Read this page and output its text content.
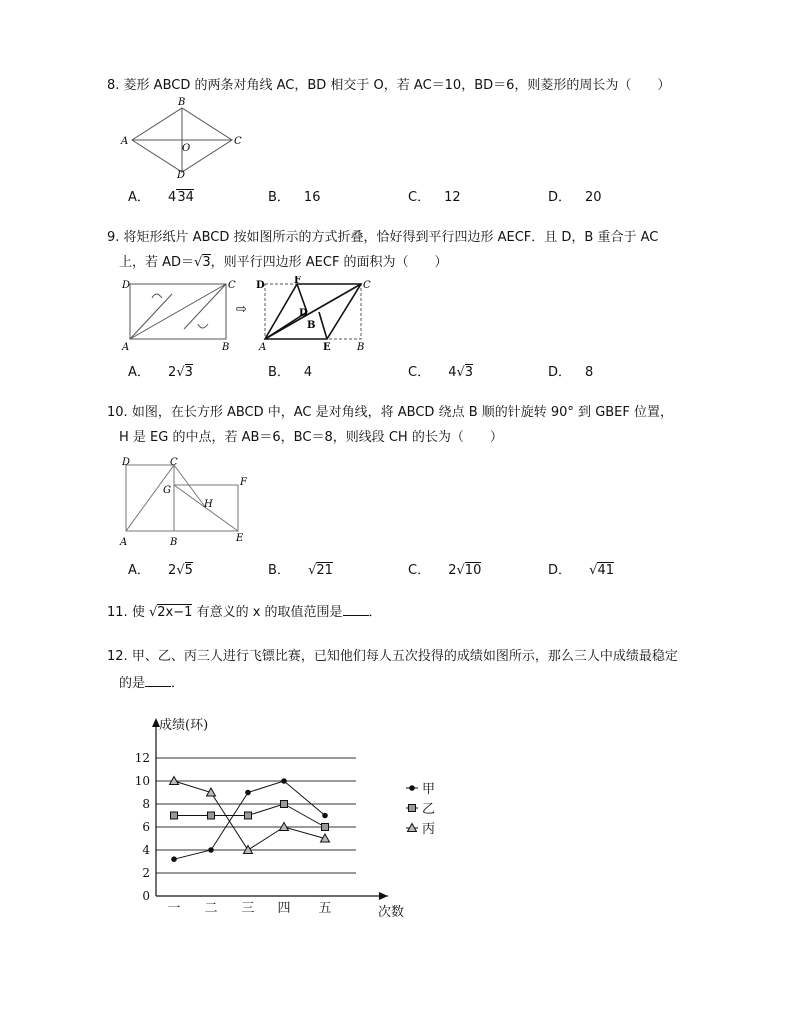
8. 菱形 ABCD 的两条对角线 AC，BD 相交于 O，若 AC＝10，BD＝6，则菱形的周长为（　　）
A
B
C
D
O
A． 434	B． 16	C． 12	D． 20
9. 将矩形纸片 ABCD 按如图所示的方式折叠，恰好得到平行四边形 AECF．且 D，B 重合于 AC
上，若 AD＝√3，则平行四边形 AECF 的面积为（　　）
D	C
A	B
⇨
D	F	C
D
B
A	E	B
A． 2√3	B． 4	C． 4√3	D． 8
10. 如图，在长方形 ABCD 中，AC 是对角线，将 ABCD 绕点 B 顺的针旋转 90° 到 GBEF 位置，
H 是 EG 的中点，若 AB＝6，BC＝8，则线段 CH 的长为（　　）
D	C
G
F
H
A	B	E
A． 2√5	B． √21	C． 2√10	D． √41
11. 使 √2x−1 有意义的 x 的取值范围是 ．
12. 甲、乙、丙三人进行飞镖比赛，已知他们每人五次投得的成绩如图所示，那么三人中成绩最稳定
的是 ．
0
2
4
6
8
10
12
成绩(环)
次数
一 二 三 四 五
甲
乙
丙
